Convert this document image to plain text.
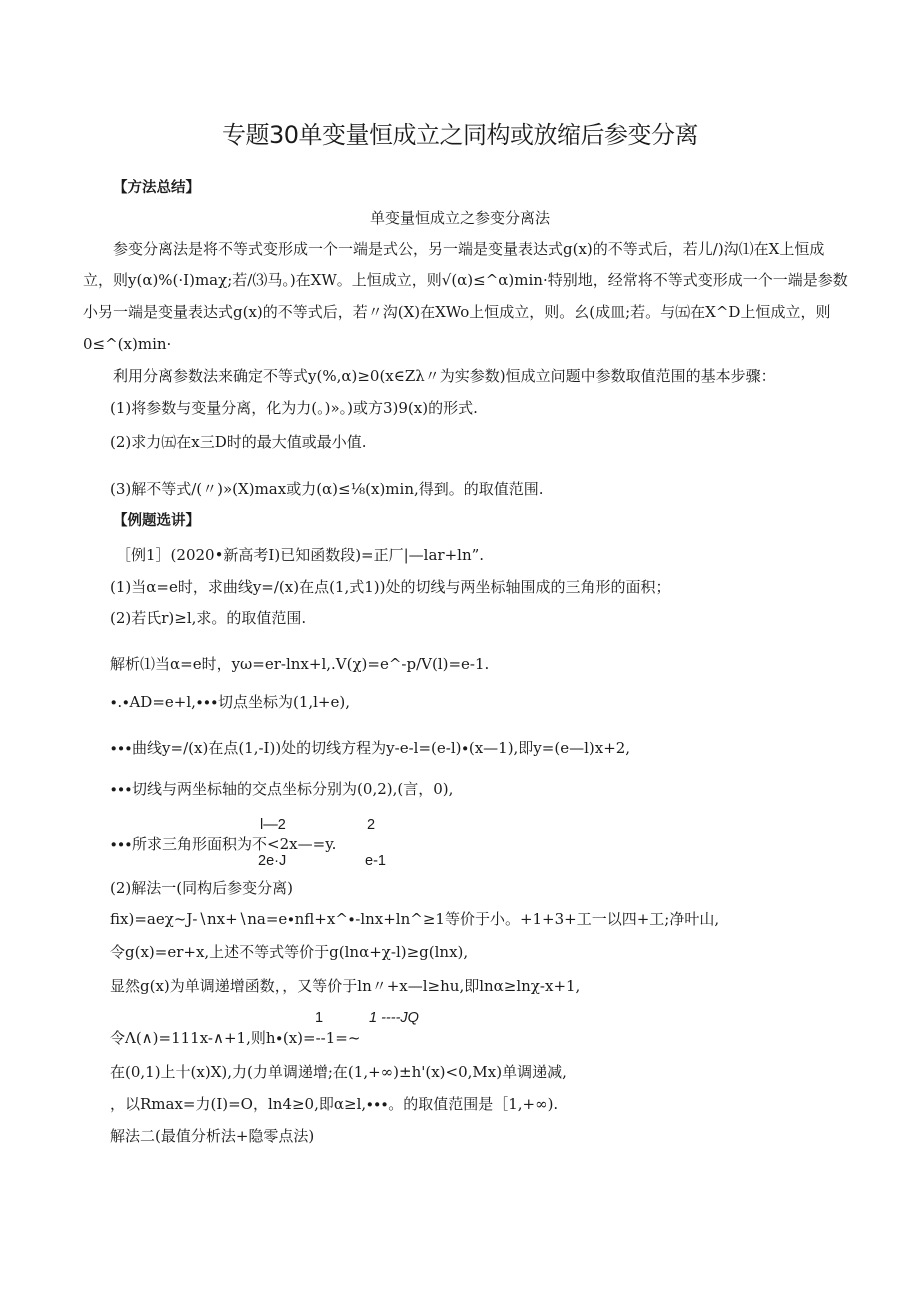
专题30单变量恒成立之同构或放缩后参变分离
【方法总结】
单变量恒成立之参变分离法
参变分离法是将不等式变形成一个一端是式公，另一端是变量表达式g(x)的不等式后，若儿/)沟⑴在X上恒成
立，则y(α)%(·I)maχ;若/⑶马。)在XW。上恒成立，则√(α)≤^α)min·特别地，经常将不等式变形成一个一端是参数
小另一端是变量表达式g(x)的不等式后，若〃沟(X)在XWo上恒成立，则。幺(成皿;若。与㈤在X^D上恒成立，则
0≤^(x)min·
利用分离参数法来确定不等式y(%,α)≥0(x∈Zλ〃为实参数)恒成立问题中参数取值范围的基本步骤：
(1)将参数与变量分离，化为力(。)»。)或方3)9(x)的形式.
(2)求力㈤在x三D时的最大值或最小值.
(3)解不等式/(〃)»(X)max或力(α)≤⅛(x)min,得到。的取值范围.
【例题选讲】
［例1］(2020•新高考I)已知函数段)=正厂|—lar+ln”.
(1)当α=e时，求曲线y=∕(x)在点(1,式1))处的切线与两坐标轴围成的三角形的面积；
(2)若氏r)≥l,求。的取值范围.
解析⑴当α=e时，yω=er-lnx+l,.V(χ)=e^-p/V(l)=e-1.
∙.∙AD=e+l,∙∙∙切点坐标为(1,l+e),
∙∙∙曲线y=∕(x)在点(1,-I))处的切线方程为y-e-l=(e-l)∙(x—1),即y=(e—l)x+2,
∙∙∙切线与两坐标轴的交点坐标分别为(0,2),(言，0),
l—2	2
∙∙∙所求三角形面积为不<2x—=y.
2e·J	e-1
(2)解法一(同构后参变分离)
fix)=aeχ~J-∖nx+∖na=e∙nfl+x^∙-lnx+ln^≥1等价于小。+1+3+工一以四+工;净叶山,
令g(x)=er+x,上述不等式等价于g(lnα+χ-l)≥g(lnx),
显然g(x)为单调递增函数，，又等价于ln〃+x—l≥hu,即lnα≥lnχ-x+1,
1	1 ----JQ
令Λ(∧)=111x-∧+1,则h∙(x)=--1=~
在(0,1)上十(x)X),力(力单调递增;在(1,+∞)±h'(x)<0,Mx)单调递减,
，以Rmax=力(I)=O，ln4≥0,即α≥l,∙∙∙。的取值范围是［1,+∞).
解法二(最值分析法+隐零点法)
